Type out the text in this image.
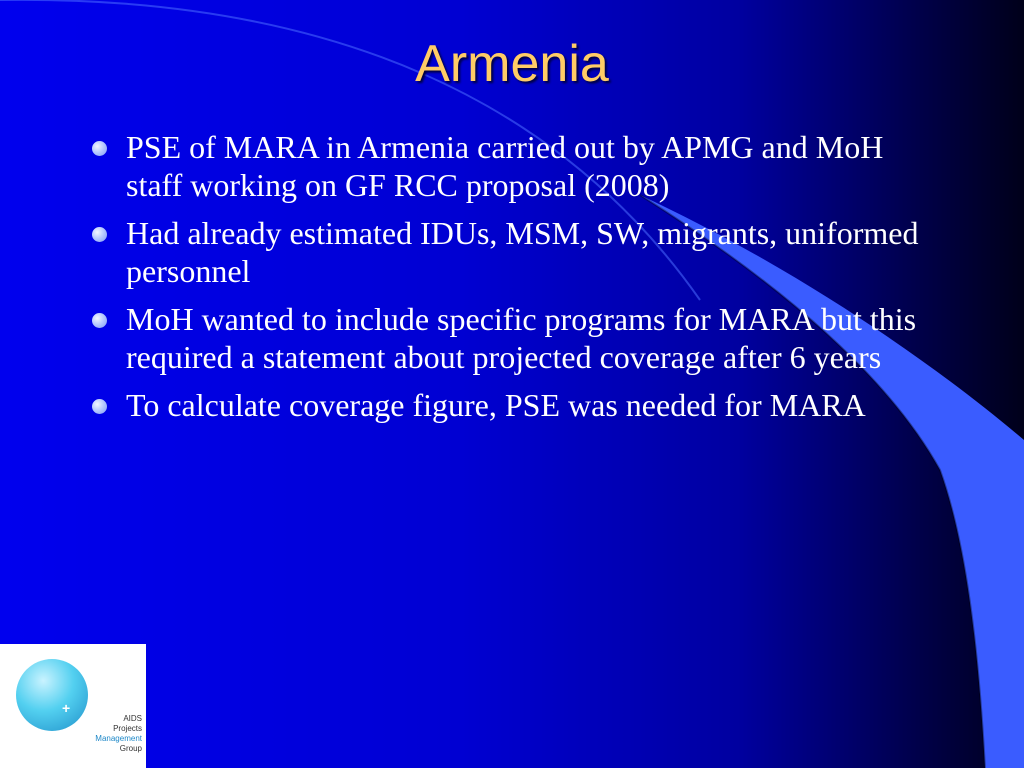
Armenia
PSE of MARA in Armenia carried out by APMG and MoH staff working on GF RCC proposal (2008)
Had already estimated IDUs, MSM, SW, migrants, uniformed personnel
MoH wanted to include specific programs for MARA but this required a statement about projected coverage after 6 years
To calculate coverage figure, PSE was needed for MARA
+
AIDS
Projects
Management
Group
